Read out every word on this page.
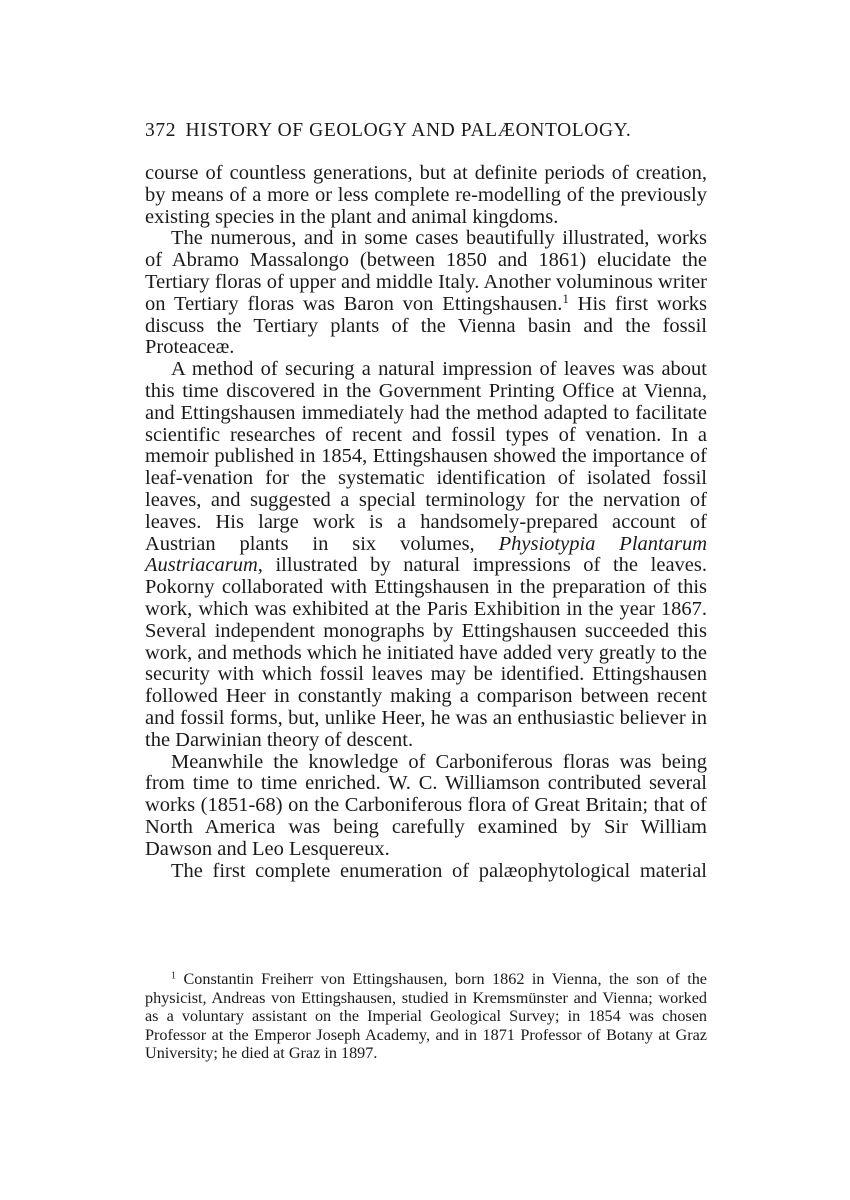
372 HISTORY OF GEOLOGY AND PALÆONTOLOGY.

course of countless generations, but at definite periods of creation, by means of a more or less complete re-modelling of the previously existing species in the plant and animal kingdoms.

The numerous, and in some cases beautifully illustrated, works of Abramo Massalongo (between 1850 and 1861) elucidate the Tertiary floras of upper and middle Italy. Another voluminous writer on Tertiary floras was Baron von Ettingshausen.$^1$ His first works discuss the Tertiary plants of the Vienna basin and the fossil Proteaceæ.

A method of securing a natural impression of leaves was about this time discovered in the Government Printing Office at Vienna, and Ettingshausen immediately had the method adapted to facilitate scientific researches of recent and fossil types of venation. In a memoir published in 1854, Ettingshausen showed the importance of leaf-venation for the systematic identification of isolated fossil leaves, and suggested a special terminology for the nervation of leaves. His large work is a handsomely-prepared account of Austrian plants in six volumes, Physiotypia Plantarum Austriacarum, illustrated by natural impressions of the leaves. Pokorny collaborated with Ettingshausen in the preparation of this work, which was exhibited at the Paris Exhibition in the year 1867. Several independent monographs by Ettingshausen succeeded this work, and methods which he initiated have added very greatly to the security with which fossil leaves may be identified. Ettingshausen followed Heer in constantly making a comparison between recent and fossil forms, but, unlike Heer, he was an enthusiastic believer in the Darwinian theory of descent.

Meanwhile the knowledge of Carboniferous floras was being from time to time enriched. W. C. Williamson contributed several works (1851-68) on the Carboniferous flora of Great Britain; that of North America was being carefully examined by Sir William Dawson and Leo Lesquereux.

The first complete enumeration of palæophytological material

$^1$ Constantin Freiherr von Ettingshausen, born 1862 in Vienna, the son of the physicist, Andreas von Ettingshausen, studied in Kremsmünster and Vienna; worked as a voluntary assistant on the Imperial Geological Survey; in 1854 was chosen Professor at the Emperor Joseph Academy, and in 1871 Professor of Botany at Graz University; he died at Graz in 1897.
